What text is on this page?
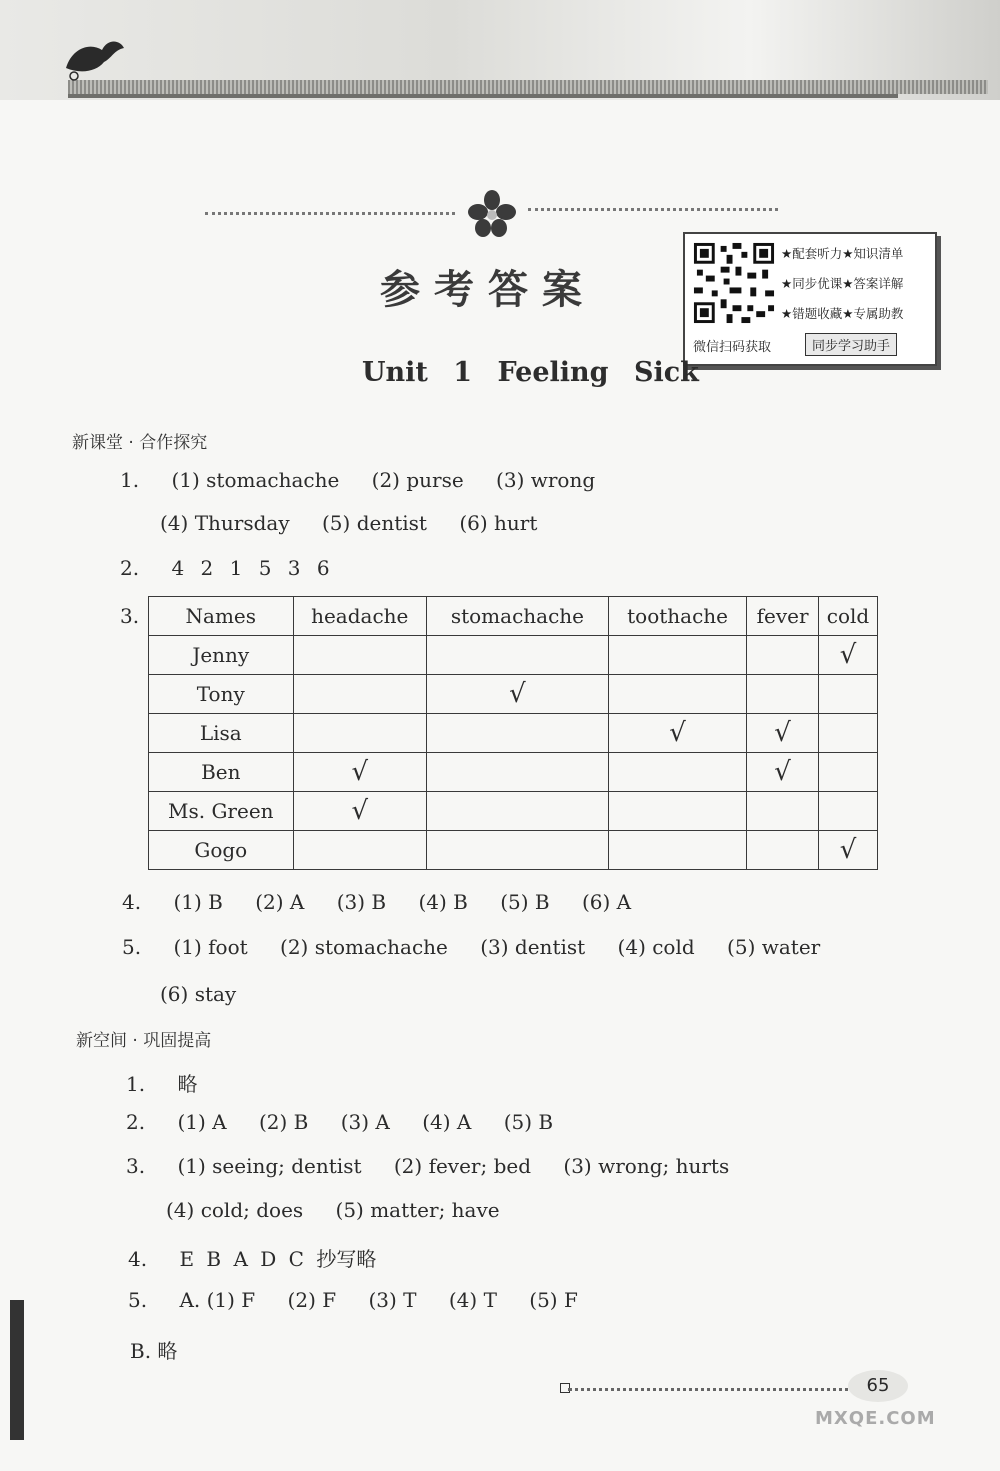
参考答案
★配套听力★知识清单
★同步优课★答案详解
★错题收藏★专属助教
微信扫码获取	同步学习助手
Unit 1 Feeling Sick
新课堂 · 合作探究
1. (1) stomachache (2) purse (3) wrong
(4) Thursday (5) dentist (6) hurt
2. 4 2 1 5 3 6
3. Names	headache	stomachache	toothache	fever	cold
Jenny					√
Tony		√			
Lisa			√	√	
Ben	√			√	
Ms. Green	√				
Gogo					√
4. (1) B (2) A (3) B (4) B (5) B (6) A
5. (1) foot (2) stomachache (3) dentist (4) cold (5) water
(6) stay
新空间 · 巩固提高
1. 略
2. (1) A (2) B (3) A (4) A (5) B
3. (1) seeing; dentist (2) fever; bed (3) wrong; hurts
(4) cold; does (5) matter; have
4. E B A D C 抄写略
5. A. (1) F (2) F (3) T (4) T (5) F
B. 略
65
MXQE.COM
